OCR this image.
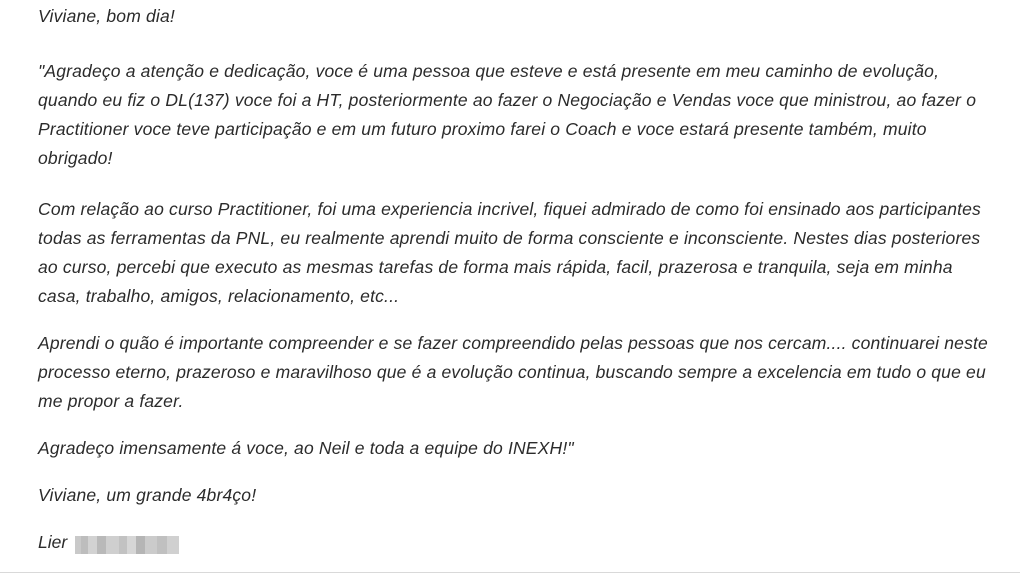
Viviane, bom dia!

"Agradeço a atenção e dedicação, voce é uma pessoa que esteve e está presente em meu caminho de evolução, quando eu fiz o DL(137) voce foi a HT, posteriormente ao fazer o Negociação e Vendas voce que ministrou, ao fazer o Practitioner voce teve participação e em um futuro proximo farei o Coach e voce estará presente também, muito obrigado!

Com relação ao curso Practitioner, foi uma experiencia incrivel, fiquei admirado de como foi ensinado aos participantes todas as ferramentas da PNL, eu realmente aprendi muito de forma consciente e inconsciente. Nestes dias posteriores ao curso, percebi que executo as mesmas tarefas de forma mais rápida, facil, prazerosa e tranquila, seja em minha casa, trabalho, amigos, relacionamento, etc...

Aprendi o quão é importante compreender e se fazer compreendido pelas pessoas que nos cercam.... continuarei neste processo eterno, prazeroso e maravilhoso que é a evolução continua, buscando sempre a excelencia em tudo o que eu me propor a fazer.

Agradeço imensamente á voce, ao Neil e toda a equipe do INEXH!"

Viviane, um grande 4br4ço!

Lier
